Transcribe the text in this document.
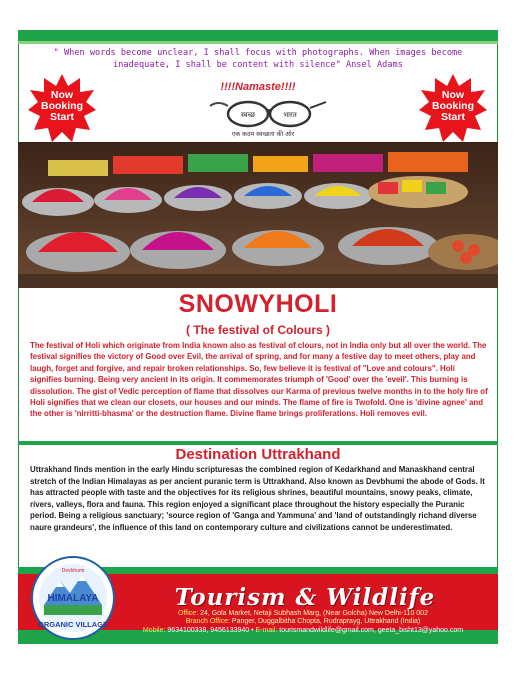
" When words become unclear, I shall focus with photographs. When images become inadequate, I shall be content with silence" Ansel Adams
Now
Booking
Start
Now
Booking
Start
!!!!Namaste!!!!
स्वच्छ	भारत
एक कदम स्वच्छता की ओर
SNOWYHOLI
( The festival of Colours )
The festival of Holi which originate from India known also as festival of clours, not in India only but all over the world. The festival signifies the victory of Good over Evil, the arrival of spring, and for many a festive day to meet others, play and laugh, forget and forgive, and repair broken relationships. So, few believe it is festival of "Love and colours". Holi signifies burning. Being very ancient in its origin. It commemorates triumph of 'Good' over the 'eveil'. This burning is dissolution. The gist of Vedic perception of flame that dissolves our Karma of previous twelve months in to the holy fire of Holi signifies that we clean our closets, our houses and our minds. The flame of fire is Twofold. One is 'divine agnee' and the other is 'nirritti-bhasma' or the destruction flame. Divine flame brings proliferations. Holi removes evil.
Destination Uttrakhand
Uttrakhand finds mention in the early Hindu scripturesas the combined region of Kedarkhand and Manaskhand central stretch of the Indian Himalayas as per ancient puranic term is Uttrakhand. Also known as Devbhumi the abode of Gods. It has attracted people with taste and the objectives for its religious shrines, beautiful mountains, snowy peaks, climate, rivers, valleys, flora and fauna. This region enjoyed a significant place throughout the history especially the Puranic period. Being a religious sanctuary; 'source region of 'Ganga and Yammuna' and 'land of outstandingly richand diverse naure grandeurs', the influence of this land on contemporary culture and civilizations cannot be underestimated.
Devbhumi
HIMALAYA
ORGANIC VILLAGE
Tourism & Wildlife
Office: 24, Gola Market, Netaji Subhash Marg, (Near Golcha) New Delhi-110 002
Branch Office: Panger, Duggalbitha Chopta, Rudraprayg, Uttrakhand (India)
Mobile: 9634100338, 9456133940 • E-mail: tourismandwildlife@gmail.com, geeta_bisht13@yahoo.com
